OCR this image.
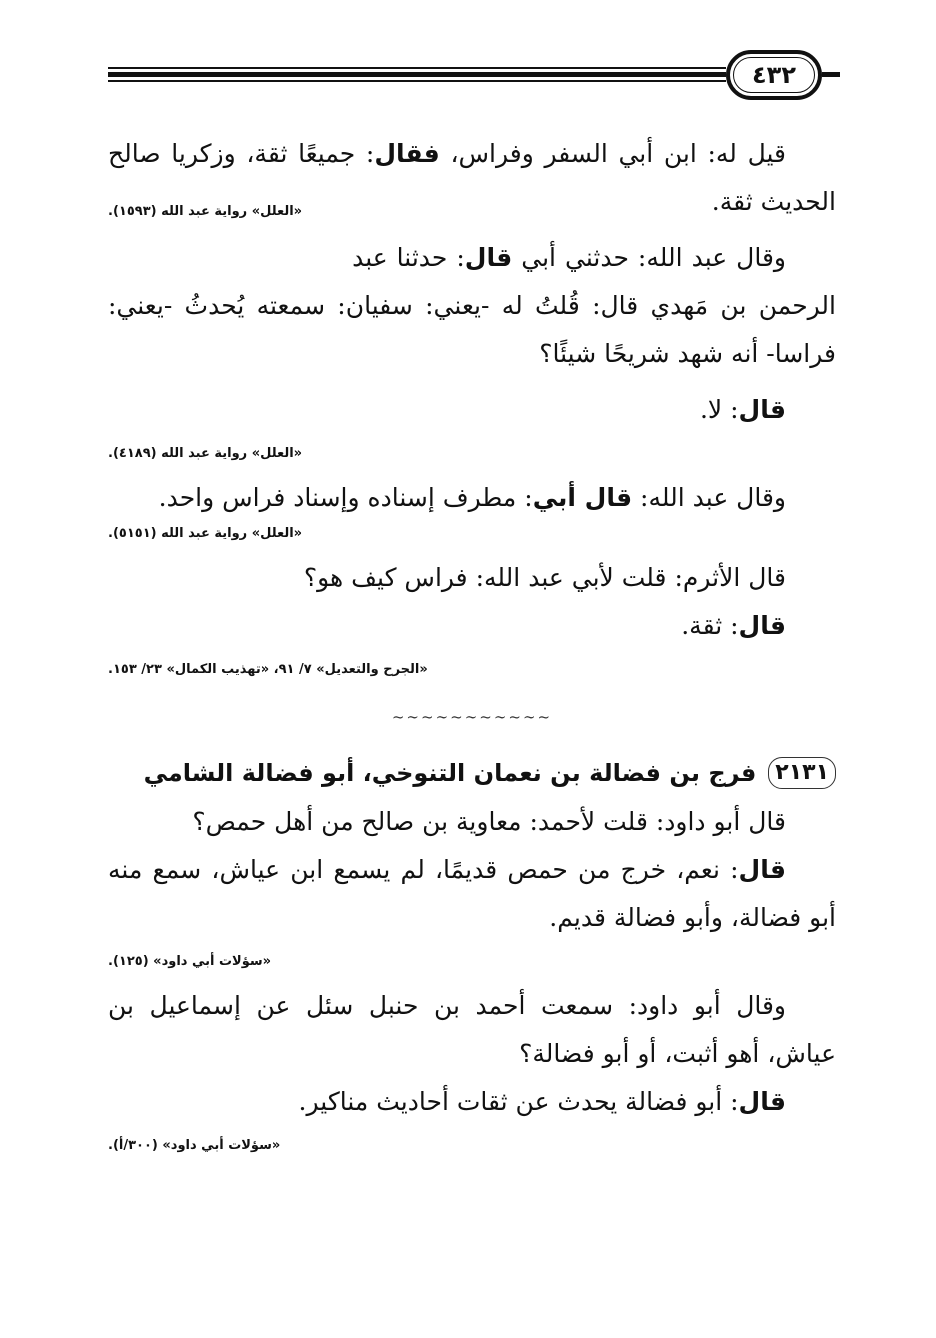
٤٣٢

قيل له: ابن أبي السفر وفراس، فقال: جميعًا ثقة، وزكريا صالح الحديث ثقة.
«العلل» رواية عبد الله (١٥٩٣).

وقال عبد الله: حدثني أبي قال: حدثنا عبد الرحمن بن مَهدي قال: قُلتُ له -يعني: سفيان: سمعته يُحدثُ -يعني: فراسا- أنه شهد شريحًا شيئًا؟

قال: لا.

«العلل» رواية عبد الله (٤١٨٩).

وقال عبد الله: قال أبي: مطرف إسناده وإسناد فراس واحد.

«العلل» رواية عبد الله (٥١٥١).

قال الأثرم: قلت لأبي عبد الله: فراس كيف هو؟

قال: ثقة.

«الجرح والتعديل» ٧/ ٩١، «تهذيب الكمال» ٢٣/ ١٥٣.

~∽~∽~∽~∽~∽~

٢١٣١
فرج بن فضالة بن نعمان التنوخي، أبو فضالة الشامي

قال أبو داود: قلت لأحمد: معاوية بن صالح من أهل حمص؟

قال: نعم، خرج من حمص قديمًا، لم يسمع ابن عياش، سمع منه أبو فضالة، وأبو فضالة قديم.

«سؤلات أبي داود» (١٢٥).

وقال أبو داود: سمعت أحمد بن حنبل سئل عن إسماعيل بن عياش، أهو أثبت، أو أبو فضالة؟

قال: أبو فضالة يحدث عن ثقات أحاديث مناكير.

«سؤلات أبي داود» (٣٠٠/أ).
